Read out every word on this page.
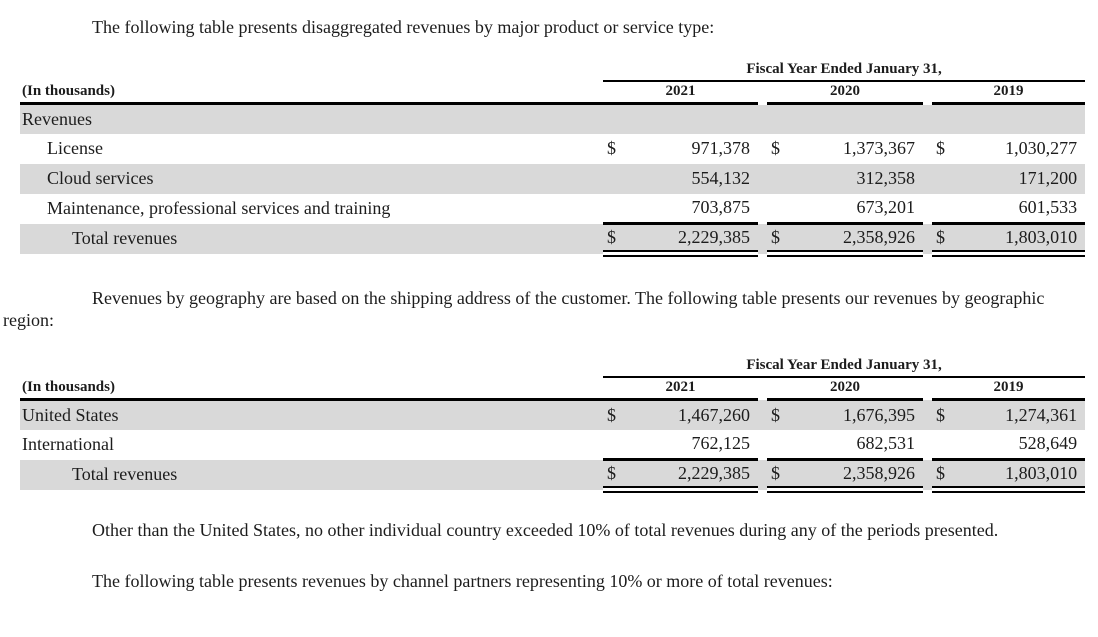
The following table presents disaggregated revenues by major product or service type:

	Fiscal Year Ended January 31,							
(In thousands)	2021			2020			2019	
Revenues								
License	$	971,378		$	1,373,367		$	1,030,277
Cloud services		554,132			312,358			171,200
Maintenance, professional services and training		703,875			673,201			601,533
Total revenues	$	2,229,385		$	2,358,926		$	1,803,010

Revenues by geography are based on the shipping address of the customer. The following table presents our revenues by geographic region:

	Fiscal Year Ended January 31,							
(In thousands)	2021			2020			2019	
United States	$	1,467,260		$	1,676,395		$	1,274,361
International		762,125			682,531			528,649
Total revenues	$	2,229,385		$	2,358,926		$	1,803,010

Other than the United States, no other individual country exceeded 10% of total revenues during any of the periods presented.

The following table presents revenues by channel partners representing 10% or more of total revenues:
